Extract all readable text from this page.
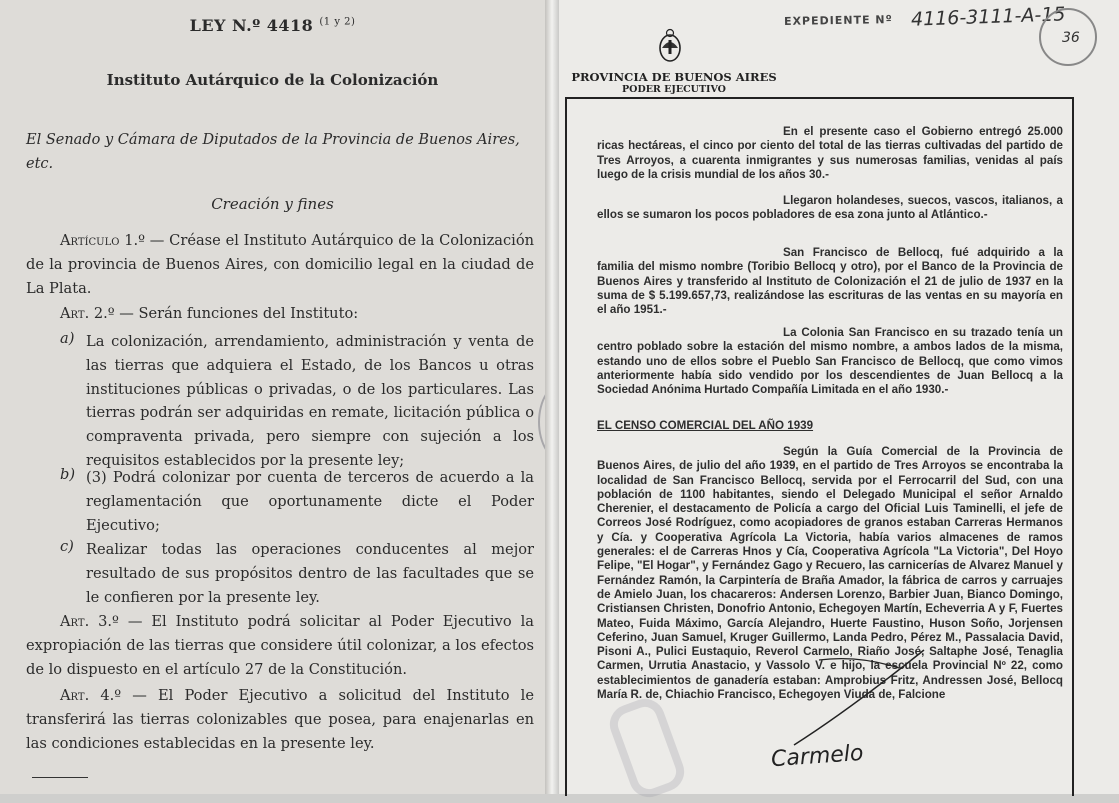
LEY N.º 4418 $^{(1 y 2)}$
Instituto Autárquico de la Colonización
El Senado y Cámara de Diputados de la Provincia de Buenos Aires, etc.
Creación y fines
Artículo 1.º — Créase el Instituto Autárquico de la Colonización de la provincia de Buenos Aires, con domicilio legal en la ciudad de La Plata.
Art. 2.º — Serán funciones del Instituto:
a) La colonización, arrendamiento, administración y venta de las tierras que adquiera el Estado, de los Bancos u otras instituciones públicas o privadas, o de los particulares. Las tierras podrán ser adquiridas en remate, licitación pública o compraventa privada, pero siempre con sujeción a los requisitos establecidos por la presente ley;
b) (3) Podrá colonizar por cuenta de terceros de acuerdo a la reglamentación que oportunamente dicte el Poder Ejecutivo;
c) Realizar todas las operaciones conducentes al mejor resultado de sus propósitos dentro de las facultades que se le confieren por la presente ley.
Art. 3.º — El Instituto podrá solicitar al Poder Ejecutivo la expropiación de las tierras que considere útil colonizar, a los efectos de lo dispuesto en el artículo 27 de la Constitución.
Art. 4.º — El Poder Ejecutivo a solicitud del Instituto le transferirá las tierras colonizables que posea, para enajenarlas en las condiciones establecidas en la presente ley.
PROVINCIA DE BUENOS AIRES
PODER EJECUTIVO
EXPEDIENTE Nº 4116-3111-A-15
36
En el presente caso el Gobierno entregó 25.000 ricas hectáreas, el cinco por ciento del total de las tierras cultivadas del partido de Tres Arroyos, a cuarenta inmigrantes y sus numerosas familias, venidas al país luego de la crisis mundial de los años 30.-
Llegaron holandeses, suecos, vascos, italianos, a ellos se sumaron los pocos pobladores de esa zona junto al Atlántico.-
San Francisco de Bellocq, fué adquirido a la familia del mismo nombre (Toribio Bellocq y otro), por el Banco de la Provincia de Buenos Aires y transferido al Instituto de Colonización el 21 de julio de 1937 en la suma de $ 5.199.657,73, realizándose las escrituras de las ventas en su mayoría en el año 1951.-
La Colonia San Francisco en su trazado tenía un centro poblado sobre la estación del mismo nombre, a ambos lados de la misma, estando uno de ellos sobre el Pueblo San Francisco de Bellocq, que como vimos anteriormente había sido vendido por los descendientes de Juan Bellocq a la Sociedad Anónima Hurtado Compañía Limitada en el año 1930.-
EL CENSO COMERCIAL DEL AÑO 1939
Según la Guía Comercial de la Provincia de Buenos Aires, de julio del año 1939, en el partido de Tres Arroyos se encontraba la localidad de San Francisco Bellocq, servida por el Ferrocarril del Sud, con una población de 1100 habitantes, siendo el Delegado Municipal el señor Arnaldo Cherenier, el destacamento de Policía a cargo del Oficial Luis Taminelli, el jefe de Correos José Rodríguez, como acopiadores de granos estaban Carreras Hermanos y Cía. y Cooperativa Agrícola La Victoria, había varios almacenes de ramos generales: el de Carreras Hnos y Cía, Cooperativa Agrícola "La Victoria", Del Hoyo Felipe, "El Hogar", y Fernández Gago y Recuero, las carnicerías de Alvarez Manuel y Fernández Ramón, la Carpintería de Braña Amador, la fábrica de carros y carruajes de Amielo Juan, los chacareros: Andersen Lorenzo, Barbier Juan, Bianco Domingo, Cristiansen Christen, Donofrio Antonio, Echegoyen Martín, Echeverria A y F, Fuertes Mateo, Fuida Máximo, García Alejandro, Huerte Faustino, Huson Soño, Jorjensen Ceferino, Juan Samuel, Kruger Guillermo, Landa Pedro, Pérez M., Passalacia David, Pisoni A., Pulici Eustaquio, Reverol Carmelo, Riaño José, Saltaphe José, Tenaglia Carmen, Urrutia Anastacio, y Vassolo V. e hijo, la escuela Provincial Nº 22, como establecimientos de ganadería estaban: Amprobius Fritz, Andressen José, Bellocq María R. de, Chiachio Francisco, Echegoyen Viuda de, Falcione
Carmelo
